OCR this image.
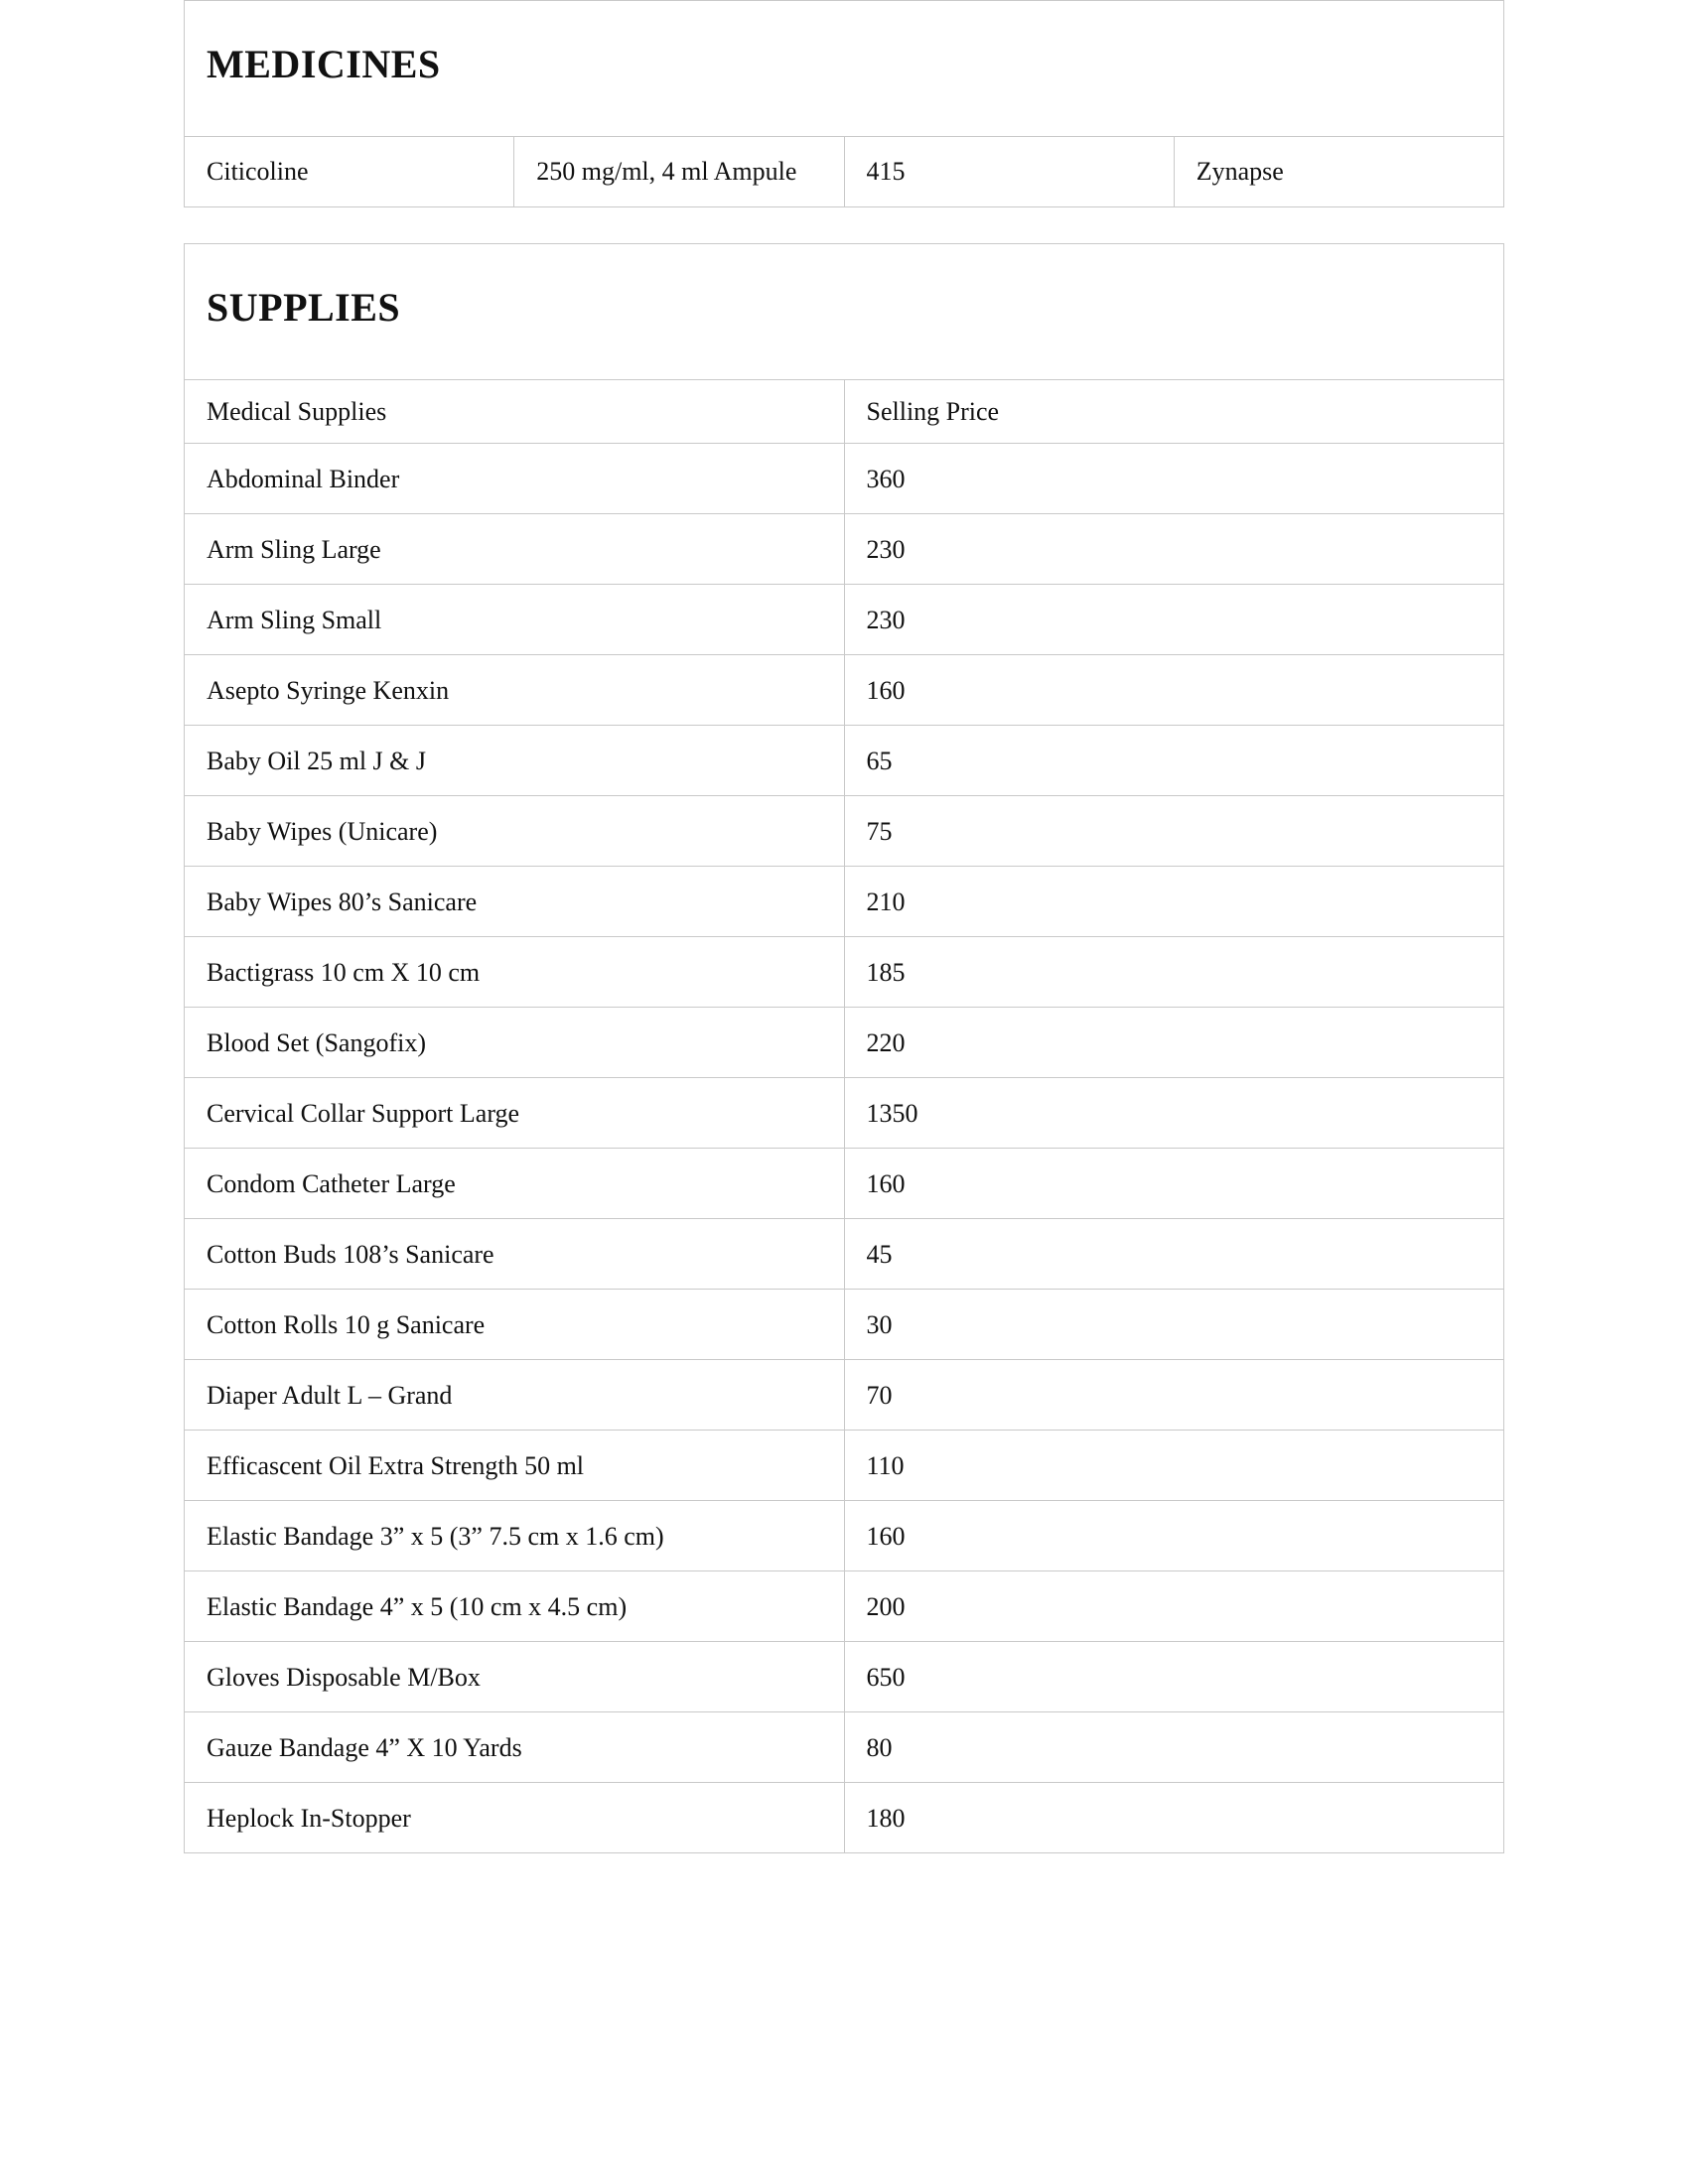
MEDICINES
Citicoline	250 mg/ml, 4 ml Ampule	415	Zynapse
SUPPLIES	
Medical Supplies	Selling Price
Abdominal Binder	360
Arm Sling Large	230
Arm Sling Small	230
Asepto Syringe Kenxin	160
Baby Oil 25 ml J & J	65
Baby Wipes (Unicare)	75
Baby Wipes 80’s Sanicare	210
Bactigrass 10 cm X 10 cm	185
Blood Set (Sangofix)	220
Cervical Collar Support Large	1350
Condom Catheter Large	160
Cotton Buds 108’s Sanicare	45
Cotton Rolls 10 g Sanicare	30
Diaper Adult L – Grand	70
Efficascent Oil Extra Strength 50 ml	110
Elastic Bandage 3” x 5 (3” 7.5 cm x 1.6 cm)	160
Elastic Bandage 4” x 5 (10 cm x 4.5 cm)	200
Gloves Disposable M/Box	650
Gauze Bandage 4” X 10 Yards	80
Heplock In-Stopper	180
